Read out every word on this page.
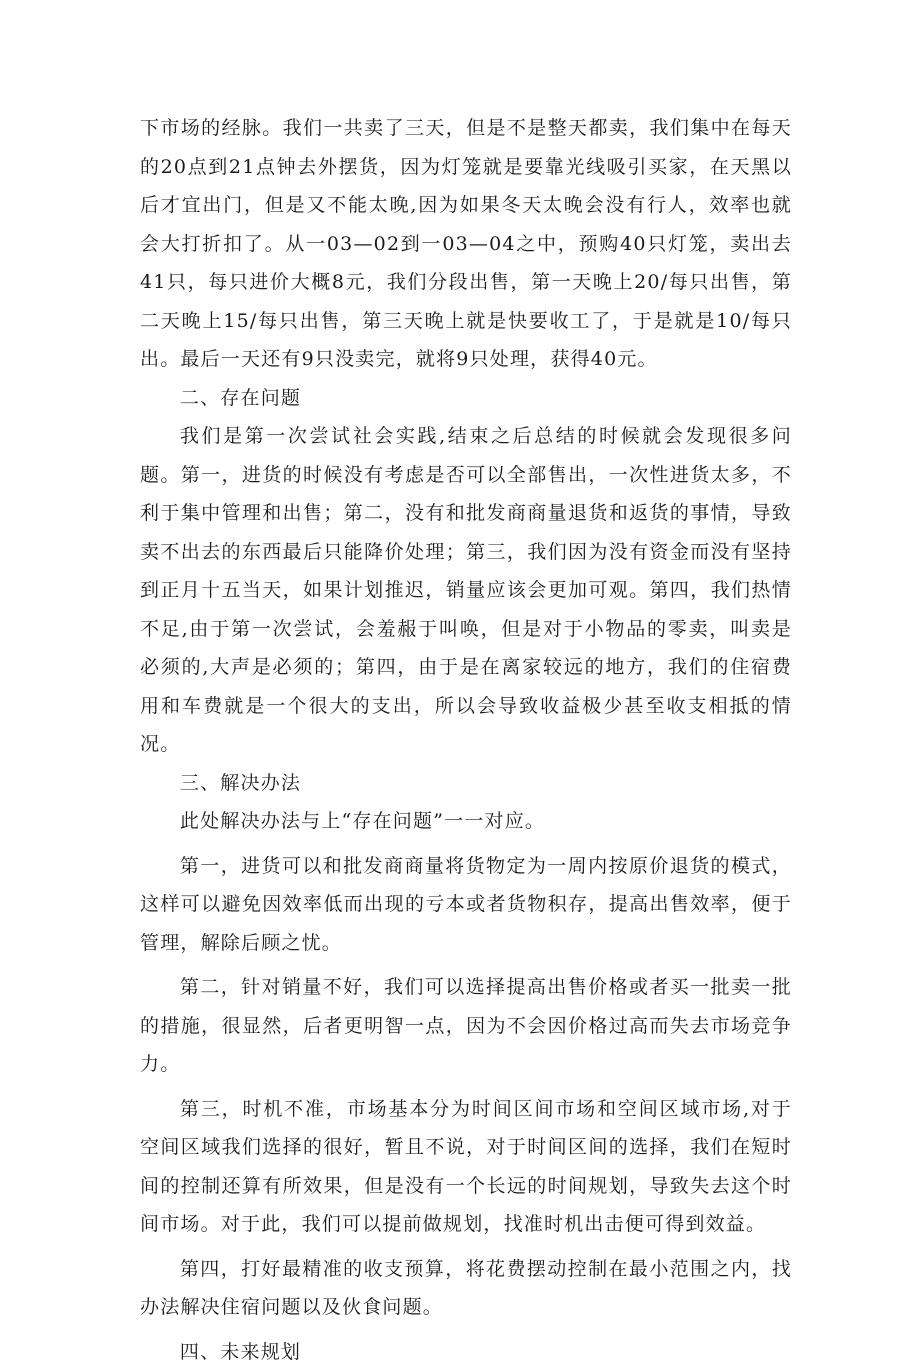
下市场的经脉。我们一共卖了三天，但是不是整天都卖，我们集中在每天的20点到21点钟去外摆货，因为灯笼就是要靠光线吸引买家，在天黑以后才宜出门，但是又不能太晚,因为如果冬天太晚会没有行人，效率也就会大打折扣了。从一03—02到一03—04之中，预购40只灯笼，卖出去41只，每只进价大概8元，我们分段出售，第一天晚上20/每只出售，第二天晚上15/每只出售，第三天晚上就是快要收工了，于是就是10/每只出。最后一天还有9只没卖完，就将9只处理，获得40元。

二、存在问题

我们是第一次尝试社会实践,结束之后总结的时候就会发现很多问题。第一，进货的时候没有考虑是否可以全部售出，一次性进货太多，不利于集中管理和出售；第二，没有和批发商商量退货和返货的事情，导致卖不出去的东西最后只能降价处理；第三，我们因为没有资金而没有坚持到正月十五当天，如果计划推迟，销量应该会更加可观。第四，我们热情不足,由于第一次尝试，会羞赧于叫唤，但是对于小物品的零卖，叫卖是必须的,大声是必须的；第四，由于是在离家较远的地方，我们的住宿费用和车费就是一个很大的支出，所以会导致收益极少甚至收支相抵的情况。

三、解决办法

此处解决办法与上“存在问题”一一对应。

第一，进货可以和批发商商量将货物定为一周内按原价退货的模式，这样可以避免因效率低而出现的亏本或者货物积存，提高出售效率，便于管理，解除后顾之忧。

第二，针对销量不好，我们可以选择提高出售价格或者买一批卖一批的措施，很显然，后者更明智一点，因为不会因价格过高而失去市场竞争力。

第三，时机不准，市场基本分为时间区间市场和空间区域市场,对于空间区域我们选择的很好，暂且不说，对于时间区间的选择，我们在短时间的控制还算有所效果，但是没有一个长远的时间规划，导致失去这个时间市场。对于此，我们可以提前做规划，找准时机出击便可得到效益。

第四，打好最精准的收支预算，将花费摆动控制在最小范围之内，找办法解决住宿问题以及伙食问题。

四、未来规划
